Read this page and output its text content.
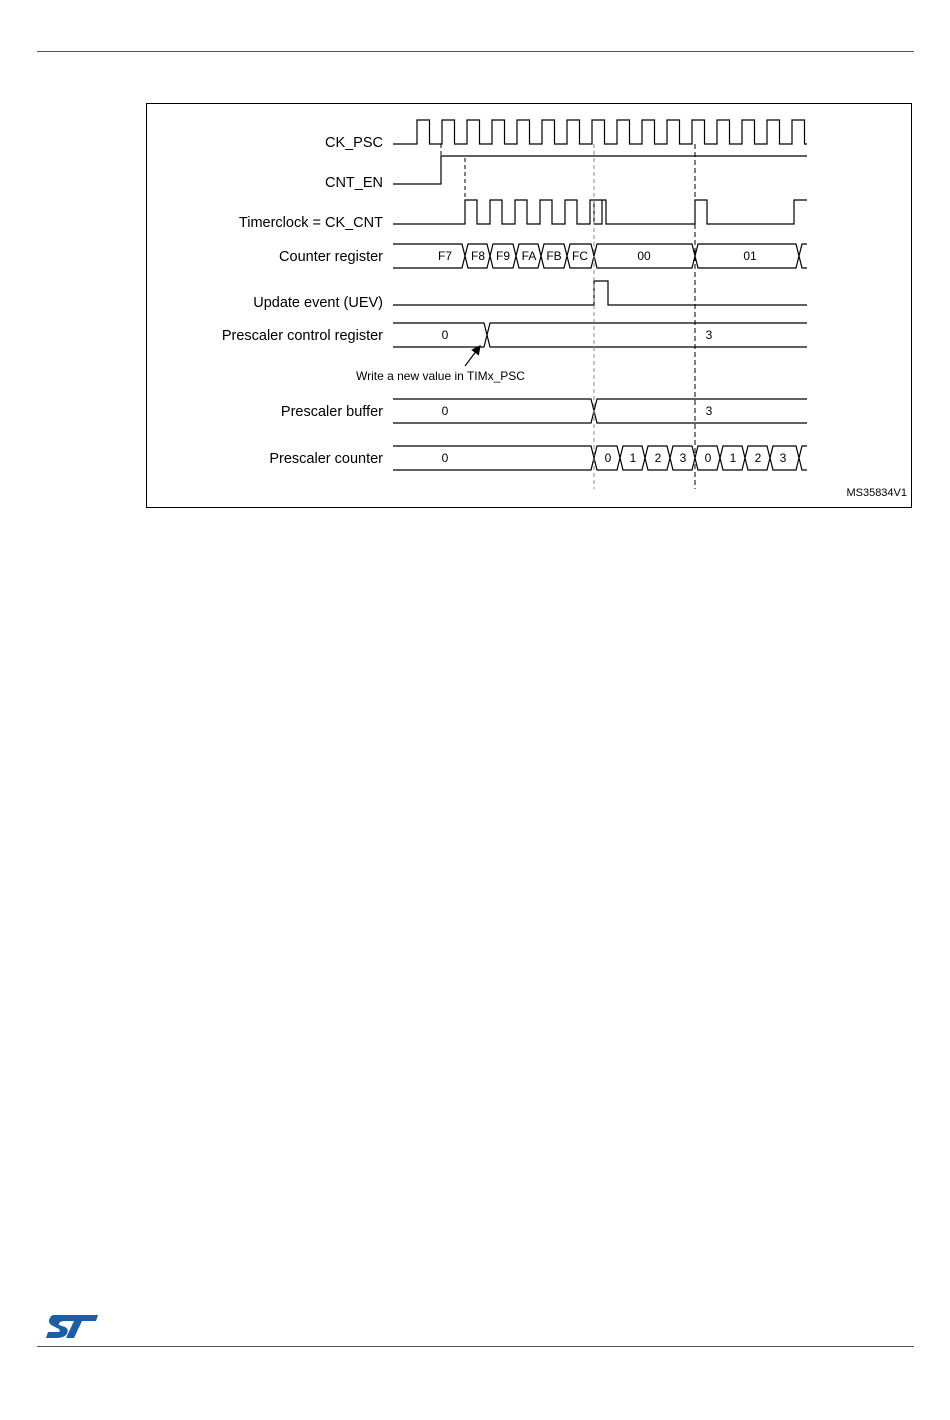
CK_PSC
CNT_EN
Timerclock = CK_CNT
Counter register
Update event (UEV)
Prescaler control register
Prescaler buffer
Prescaler counter
Write a new value in TIMx_PSC
F7 F8 F9 FA FB FC	00	01
0	3
0	3
0	0 1 2 3 0 1 2 3
MS35834V1
